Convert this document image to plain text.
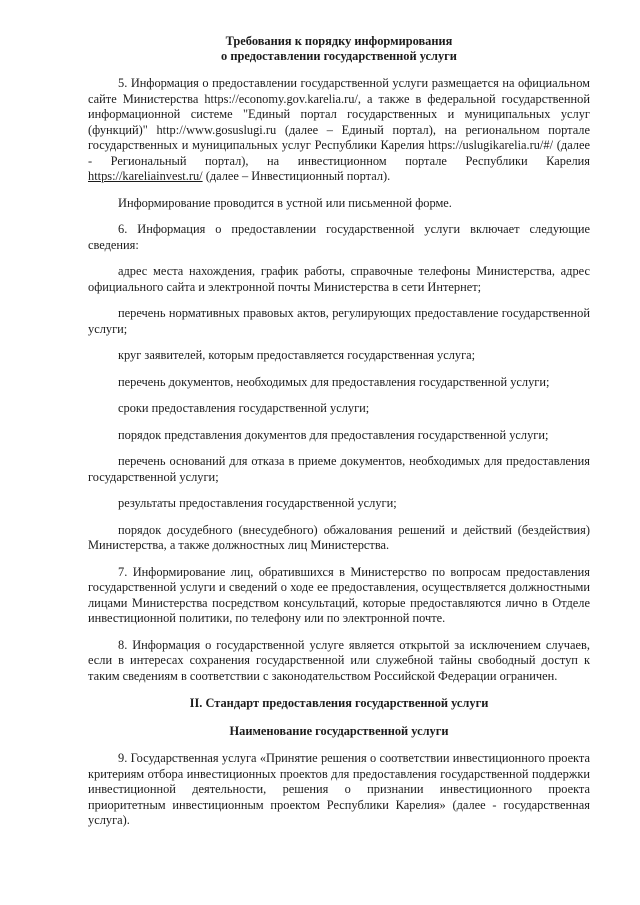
Требования к порядку информирования

о предоставлении государственной услуги

5. Информация о предоставлении государственной услуги размещается на официальном сайте Министерства https://economy.gov.karelia.ru/, а также в федеральной государственной информационной системе "Единый портал государственных и муниципальных услуг (функций)" http://www.gosuslugi.ru (далее – Единый портал), на региональном портале государственных и муниципальных услуг Республики Карелия https://uslugikarelia.ru/#/ (далее - Региональный портал), на инвестиционном портале Республики Карелия https://kareliainvest.ru/ (далее – Инвестиционный портал).

Информирование проводится в устной или письменной форме.

6. Информация о предоставлении государственной услуги включает следующие сведения:

адрес места нахождения, график работы, справочные телефоны Министерства, адрес официального сайта и электронной почты Министерства в сети Интернет;

перечень нормативных правовых актов, регулирующих предоставление государственной услуги;

круг заявителей, которым предоставляется государственная услуга;

перечень документов, необходимых для предоставления государственной услуги;

сроки предоставления государственной услуги;

порядок представления документов для предоставления государственной услуги;

перечень оснований для отказа в приеме документов, необходимых для предоставления государственной услуги;

результаты предоставления государственной услуги;

порядок досудебного (внесудебного) обжалования решений и действий (бездействия) Министерства, а также должностных лиц Министерства.

7. Информирование лиц, обратившихся в Министерство по вопросам предоставления государственной услуги и сведений о ходе ее предоставления, осуществляется должностными лицами Министерства посредством консультаций, которые предоставляются лично в Отделе инвестиционной политики, по телефону или по электронной почте.

8. Информация о государственной услуге является открытой за исключением случаев, если в интересах сохранения государственной или служебной тайны свободный доступ к таким сведениям в соответствии с законодательством Российской Федерации ограничен.

II. Стандарт предоставления государственной услуги

Наименование государственной услуги

9. Государственная услуга «Принятие решения о соответствии инвестиционного проекта критериям отбора инвестиционных проектов для предоставления государственной поддержки инвестиционной деятельности, решения о признании инвестиционного проекта приоритетным инвестиционным проектом Республики Карелия» (далее - государственная услуга).
